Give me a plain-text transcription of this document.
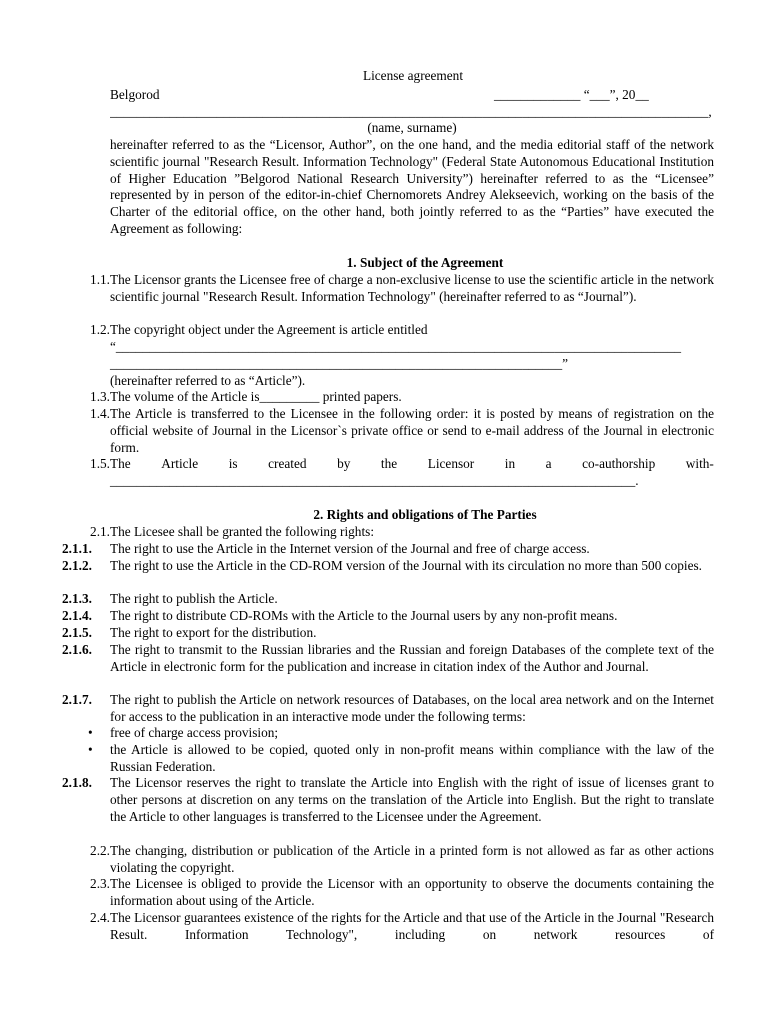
License agreement
Belgorod	_____________ “___”, 20__
__________________________________________________________________________________________,
(name, surname)
hereinafter referred to as the “Licensor, Author”, on the one hand, and the media editorial staff of the network scientific journal "Research Result. Information Technology" (Federal State Autonomous Educational Institution of Higher Education ”Belgorod National Research University”) hereinafter referred to as the “Licensee” represented by in person of the editor-in-chief Chernomorets Andrey Alekseevich, working on the basis of the Charter of the editorial office, on the other hand, both jointly referred to as the “Parties” have executed the Agreement as following:
1. Subject of the Agreement
1.1. The Licensor grants the Licensee free of charge a non-exclusive license to use the scientific article in the network scientific journal "Research Result. Information Technology" (hereinafter referred to as “Journal”).
1.2. The copyright object under the Agreement is article entitled
“_____________________________________________________________________________________
____________________________________________________________________”
(hereinafter referred to as “Article”).
1.3. The volume of the Article is_________ printed papers.
1.4. The Article is transferred to the Licensee in the following order: it is posted by means of registration on the official website of Journal in the Licensor`s private office or send to e-mail address of the Journal in electronic form.
1.5. The Article is created by the Licensor in a co-authorship with-
_______________________________________________________________________________.
2. Rights and obligations of The Parties
2.1. The Licesee shall be granted the following rights:
2.1.1.	The right to use the Article in the Internet version of the Journal and free of charge access.
2.1.2.	The right to use the Article in the CD-ROM version of the Journal with its circulation no more than 500 copies.
2.1.3.	The right to publish the Article.
2.1.4.	The right to distribute CD-ROMs with the Article to the Journal users by any non-profit means.
2.1.5.	The right to export for the distribution.
2.1.6.	The right to transmit to the Russian libraries and the Russian and foreign Databases of the complete text of the Article in electronic form for the publication and increase in citation index of the Author and Journal.
2.1.7.	The right to publish the Article on network resources of Databases, on the local area network and on the Internet for access to the publication in an interactive mode under the following terms:
• free of charge access provision;
• the Article is allowed to be copied, quoted only in non-profit means within compliance with the law of the Russian Federation.
2.1.8.	The Licensor reserves the right to translate the Article into English with the right of issue of licenses grant to other persons at discretion on any terms on the translation of the Article into English. But the right to translate the Article to other languages is transferred to the Licensee under the Agreement.
2.2. The changing, distribution or publication of the Article in a printed form is not allowed as far as other actions violating the copyright.
2.3. The Licensee is obliged to provide the Licensor with an opportunity to observe the documents containing the information about using of the Article.
2.4. The Licensor guarantees existence of the rights for the Article and that use of the Article in the Journal "Research Result. Information Technology", including on network resources of
